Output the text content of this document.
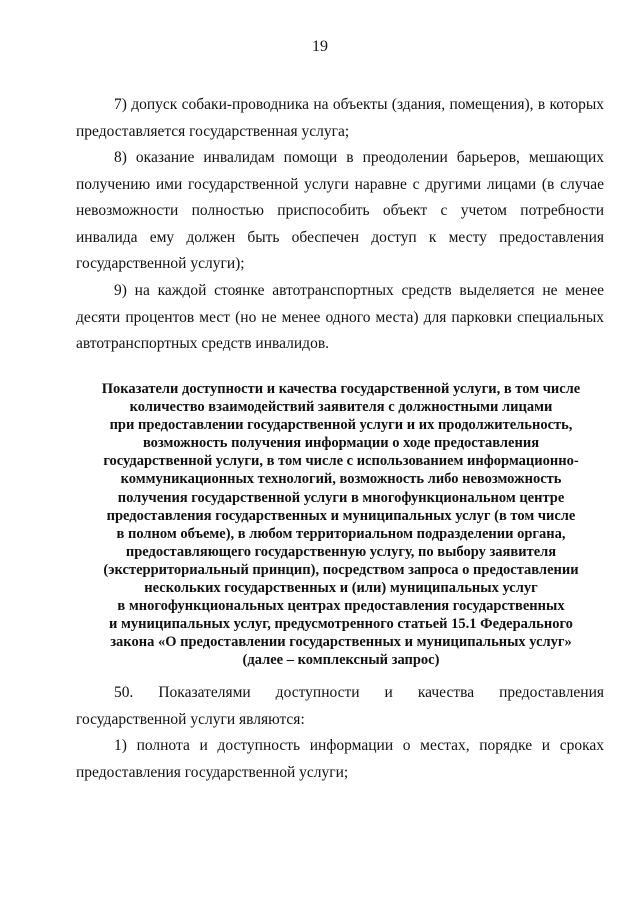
19

7) допуск собаки-проводника на объекты (здания, помещения), в которых предоставляется государственная услуга;

8) оказание инвалидам помощи в преодолении барьеров, мешающих получению ими государственной услуги наравне с другими лицами (в случае невозможности полностью приспособить объект с учетом потребности инвалида ему должен быть обеспечен доступ к месту предоставления государственной услуги);

9) на каждой стоянке автотранспортных средств выделяется не менее десяти процентов мест (но не менее одного места) для парковки специальных автотранспортных средств инвалидов.

Показатели доступности и качества государственной услуги, в том числе
количество взаимодействий заявителя с должностными лицами
при предоставлении государственной услуги и их продолжительность,
возможность получения информации о ходе предоставления
государственной услуги, в том числе с использованием информационно-
коммуникационных технологий, возможность либо невозможность
получения государственной услуги в многофункциональном центре
предоставления государственных и муниципальных услуг (в том числе
в полном объеме), в любом территориальном подразделении органа,
предоставляющего государственную услугу, по выбору заявителя
(экстерриториальный принцип), посредством запроса о предоставлении
нескольких государственных и (или) муниципальных услуг
в многофункциональных центрах предоставления государственных
и муниципальных услуг, предусмотренного статьей 15.1 Федерального
закона «О предоставлении государственных и муниципальных услуг»
(далее – комплексный запрос)

50. Показателями доступности и качества предоставления государственной услуги являются:

1) полнота и доступность информации о местах, порядке и сроках предоставления государственной услуги;
